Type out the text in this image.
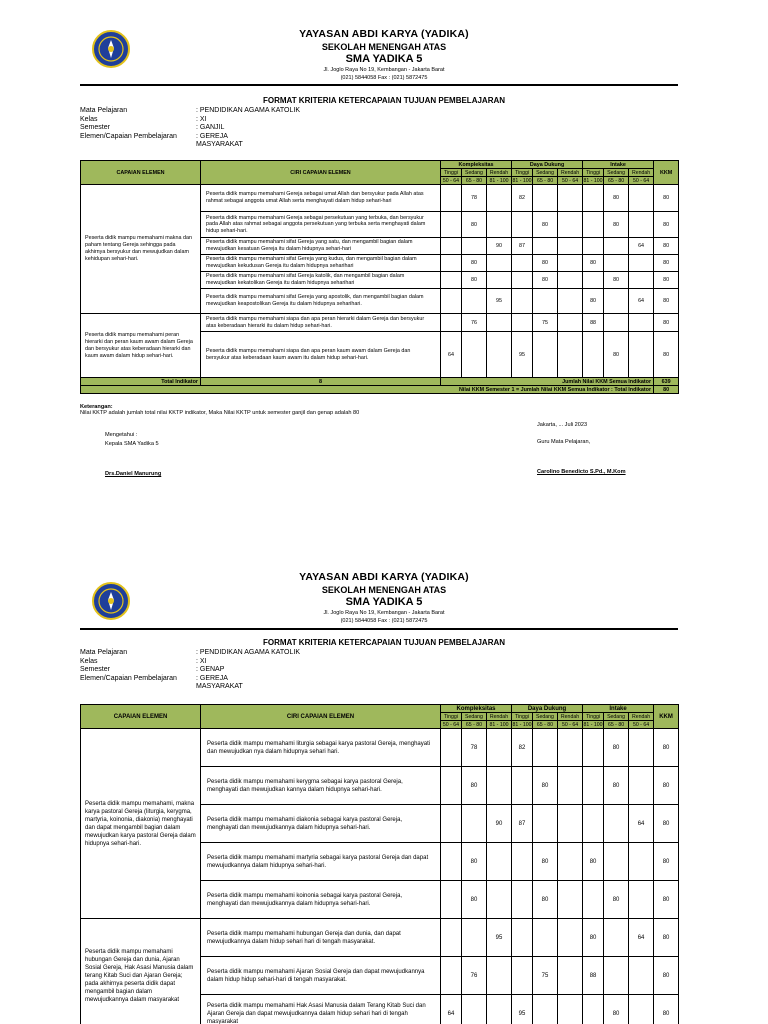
YAYASAN ABDI KARYA (YADIKA)
SEKOLAH MENENGAH ATAS
SMA YADIKA 5
Jl. Joglo Raya No 19, Kembangan - Jakarta Barat
(021) 5844058 Fax : (021) 5872475
FORMAT KRITERIA KETERCAPAIAN TUJUAN PEMBELAJARAN
Mata Pelajaran	: PENDIDIKAN AGAMA KATOLIK
Kelas	: XI
Semester	: GANJIL
Elemen/Capaian Pembelajaran	: GEREJA
MASYARAKAT
CAPAIAN ELEMEN	CIRI CAPAIAN ELEMEN	Kompleksitas			Daya Dukung			Intake			KKM
		Tinggi	Sedang	Rendah	Tinggi	Sedang	Rendah	Tinggi	Sedang	Rendah	
		50 - 64	65 - 80	81 - 100	81 - 100	65 - 80	50 - 64	81 - 100	65 - 80	50 - 64	
Peserta didik mampu memahami makna dan paham tentang Gereja sehingga pada akhirnya bersyukur dan mewujudkan dalam kehidupan sehari-hari.	Peserta didik mampu memahami Gereja sebagai umat Allah dan bersyukur pada Allah atas rahmat sebagai anggota umat Allah serta menghayati dalam hidup sehari-hari		78		82				80		80
	Peserta didik mampu memahami Gereja sebagai persekutuan yang terbuka, dan bersyukur pada Allah atas rahmat sebagai anggota persekutuan yang terbuka serta menghayati dalam hidup sehari-hari.		80			80			80		80
	Peserta didik mampu memahami sifat Gereja yang satu, dan mengambil bagian dalam mewujudkan kesatuan Gereja itu dalam hidupnya sehari-hari			90	87					64	80
	Peserta didik mampu memahami sifat Gereja yang kudus, dan mengambil bagian dalam mewujudkan kekudusan Gereja itu dalam hidupnya seharihari		80			80		80			80
	Peserta didik mampu memahami sifat Gereja katolik, dan mengambil bagian dalam mewujudkan kekatolikan Gereja itu dalam hidupnya seharihari		80			80			80		80
	Peserta didik mampu memahami sifat Gereja yang apostolik, dan mengambil bagian dalam mewujudkan keapostolikan Gereja itu dalam hidupnya seharihari.			95				80		64	80
Peserta didik mampu memahami peran hierarki dan peran kaum awam dalam Gereja dan bersyukur atas keberadaan hierarki dan kaum awam dalam hidup sehari-hari.	Peserta didik mampu memahami siapa dan apa peran hierarki dalam Gereja dan bersyukur atas keberadaan hierarki itu dalam hidup sehari-hari.		76			75		88			80
	Peserta didik mampu memahami siapa dan apa peran kaum awam dalam Gereja dan bersyukur atas keberadaan kaum awam itu dalam hidup sehari-hari.	64			95				80		80
Total Indikator	8	Jumlah Nilai KKM Semua Indikator									639
Nilai KKM Semester 1 = Jumlah Nilai KKM Semua Indikator : Total Indikator											80
Keterangan:
Nilai KKTP adalah jumlah total nilai KKTP indikator, Maka Nilai KKTP untuk semester ganjil dan genap adalah 80
Mengetahui :
Kepala SMA Yadika 5
Drs.Daniel Manurung
Jakarta, ... Juli 2023
Guru Mata Pelajaran,
Carolino Benedicto S.Pd., M.Kom
YAYASAN ABDI KARYA (YADIKA)
SEKOLAH MENENGAH ATAS
SMA YADIKA 5
Jl. Joglo Raya No 19, Kembangan - Jakarta Barat
(021) 5844058 Fax : (021) 5872475
FORMAT KRITERIA KETERCAPAIAN TUJUAN PEMBELAJARAN
Mata Pelajaran	: PENDIDIKAN AGAMA KATOLIK
Kelas	: XI
Semester	: GENAP
Elemen/Capaian Pembelajaran	: GEREJA
MASYARAKAT
CAPAIAN ELEMEN	CIRI CAPAIAN ELEMEN	Kompleksitas			Daya Dukung			Intake			KKM
		Tinggi	Sedang	Rendah	Tinggi	Sedang	Rendah	Tinggi	Sedang	Rendah	
		50 - 64	65 - 80	81 - 100	81 - 100	65 - 80	50 - 64	81 - 100	65 - 80	50 - 64	
Peserta didik mampu memahami, makna karya pastoral Gereja (liturgia, kerygma, martyria, koinonia, diakonia) menghayati dan dapat mengambil bagian dalam mewujudkan karya pastoral Gereja dalam hidupnya sehari-hari.	Peserta didik mampu memahami liturgia sebagai karya pastoral Gereja, menghayati dan mewujudkan nya dalam hidupnya sehari hari.		78		82				80		80
	Peserta didik mampu memahami kerygma sebagai karya pastoral Gereja, menghayati dan mewujudkan kannya dalam hidupnya sehari-hari.		80			80			80		80
	Peserta didik mampu memahami diakonia sebagai karya pastoral Gereja, menghayati dan mewujudkannya dalam hidupnya sehari-hari.			90	87					64	80
	Peserta didik mampu memahami martyria sebagai karya pastoral Gereja dan dapat mewujudkannya dalam hidupnya sehari-hari.		80			80		80			80
	Peserta didik mampu memahami koinonia sebagai karya pastoral Gereja, menghayati dan mewujudkannya dalam hidupnya sehari-hari.		80			80			80		80
Peserta didik mampu memahami hubungan Gereja dan dunia, Ajaran Sosial Gereja, Hak Asasi Manusia dalam terang Kitab Suci dan Ajaran Gereja; pada akhirnya peserta didik dapat mengambil bagian dalam mewujudkannya dalam masyarakat	Peserta didik mampu memahami hubungan Gereja dan dunia, dan dapat mewujudkannya dalam hidup sehari hari di tengah masyarakat.			95				80		64	80
	Peserta didik mampu memahami Ajaran Sosial Gereja dan dapat mewujudkannya dalam hidup hidup sehari-hari di tengah masyarakat.		76			75		88			80
	Peserta didik mampu memahami Hak Asasi Manusia dalam Terang Kitab Suci dan Ajaran Gereja dan dapat mewujudkannya dalam hidup sehari hari di tengah masyarakat	64			95				80		80
